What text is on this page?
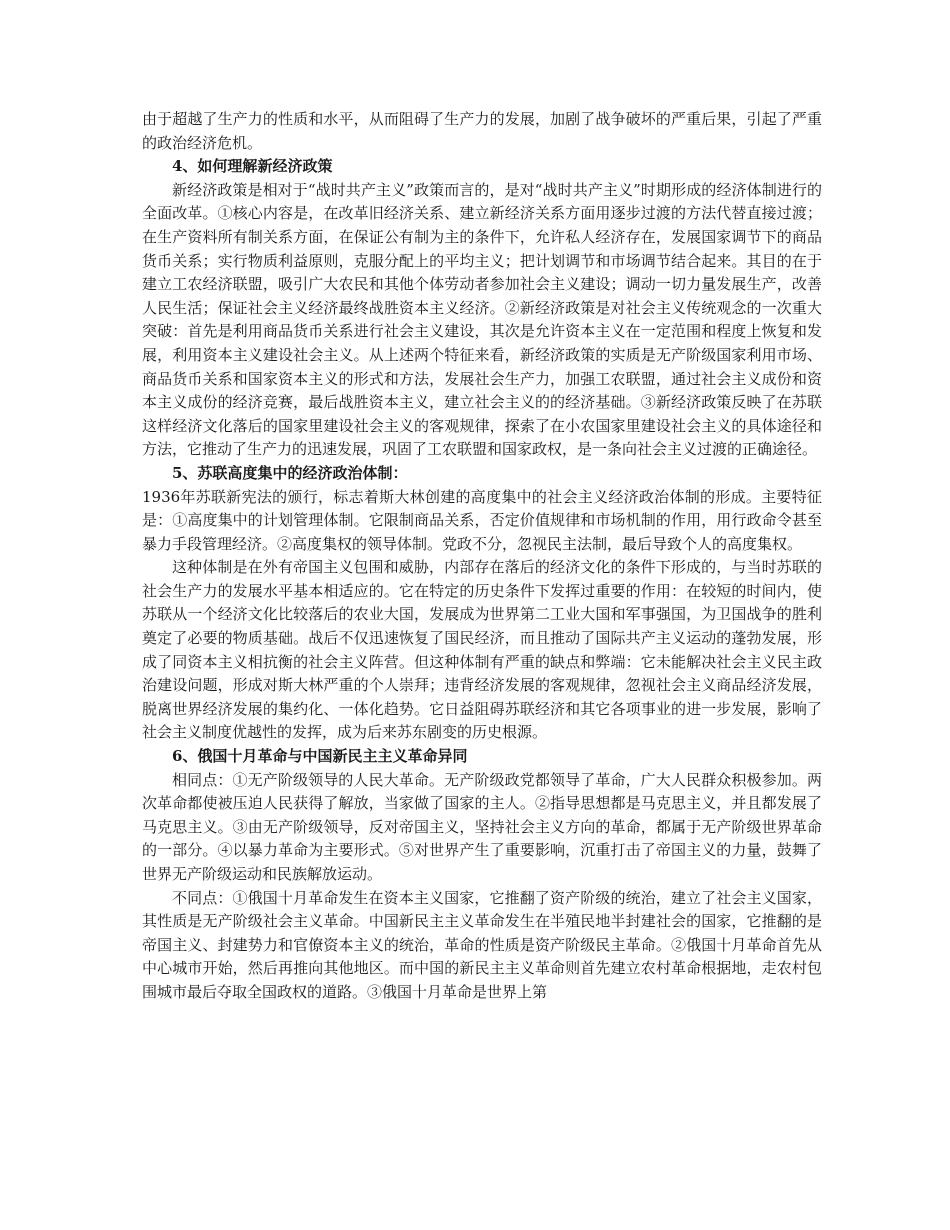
由于超越了生产力的性质和水平，从而阻碍了生产力的发展，加剧了战争破坏的严重后果，引起了严重的政治经济危机。

4、如何理解新经济政策

新经济政策是相对于“战时共产主义”政策而言的，是对“战时共产主义”时期形成的经济体制进行的全面改革。①核心内容是，在改革旧经济关系、建立新经济关系方面用逐步过渡的方法代替直接过渡；在生产资料所有制关系方面，在保证公有制为主的条件下，允许私人经济存在，发展国家调节下的商品货币关系；实行物质利益原则，克服分配上的平均主义；把计划调节和市场调节结合起来。其目的在于建立工农经济联盟，吸引广大农民和其他个体劳动者参加社会主义建设；调动一切力量发展生产，改善人民生活；保证社会主义经济最终战胜资本主义经济。②新经济政策是对社会主义传统观念的一次重大突破：首先是利用商品货币关系进行社会主义建设，其次是允许资本主义在一定范围和程度上恢复和发展，利用资本主义建设社会主义。从上述两个特征来看，新经济政策的实质是无产阶级国家利用市场、商品货币关系和国家资本主义的形式和方法，发展社会生产力，加强工农联盟，通过社会主义成份和资本主义成份的经济竞赛，最后战胜资本主义，建立社会主义的的经济基础。③新经济政策反映了在苏联这样经济文化落后的国家里建设社会主义的客观规律，探索了在小农国家里建设社会主义的具体途径和方法，它推动了生产力的迅速发展，巩固了工农联盟和国家政权，是一条向社会主义过渡的正确途径。

5、苏联高度集中的经济政治体制：

1936年苏联新宪法的颁行，标志着斯大林创建的高度集中的社会主义经济政治体制的形成。主要特征是：①高度集中的计划管理体制。它限制商品关系，否定价值规律和市场机制的作用，用行政命令甚至暴力手段管理经济。②高度集权的领导体制。党政不分，忽视民主法制，最后导致个人的高度集权。

这种体制是在外有帝国主义包围和威胁，内部存在落后的经济文化的条件下形成的，与当时苏联的社会生产力的发展水平基本相适应的。它在特定的历史条件下发挥过重要的作用：在较短的时间内，使苏联从一个经济文化比较落后的农业大国，发展成为世界第二工业大国和军事强国，为卫国战争的胜利奠定了必要的物质基础。战后不仅迅速恢复了国民经济，而且推动了国际共产主义运动的蓬勃发展，形成了同资本主义相抗衡的社会主义阵营。但这种体制有严重的缺点和弊端：它未能解决社会主义民主政治建设问题，形成对斯大林严重的个人崇拜；违背经济发展的客观规律，忽视社会主义商品经济发展，脱离世界经济发展的集约化、一体化趋势。它日益阻碍苏联经济和其它各项事业的进一步发展，影响了社会主义制度优越性的发挥，成为后来苏东剧变的历史根源。

6、俄国十月革命与中国新民主主义革命异同

相同点：①无产阶级领导的人民大革命。无产阶级政党都领导了革命，广大人民群众积极参加。两次革命都使被压迫人民获得了解放，当家做了国家的主人。②指导思想都是马克思主义，并且都发展了马克思主义。③由无产阶级领导，反对帝国主义，坚持社会主义方向的革命，都属于无产阶级世界革命的一部分。④以暴力革命为主要形式。⑤对世界产生了重要影响，沉重打击了帝国主义的力量，鼓舞了世界无产阶级运动和民族解放运动。

不同点：①俄国十月革命发生在资本主义国家，它推翻了资产阶级的统治，建立了社会主义国家，其性质是无产阶级社会主义革命。中国新民主主义革命发生在半殖民地半封建社会的国家，它推翻的是帝国主义、封建势力和官僚资本主义的统治，革命的性质是资产阶级民主革命。②俄国十月革命首先从中心城市开始，然后再推向其他地区。而中国的新民主主义革命则首先建立农村革命根据地，走农村包围城市最后夺取全国政权的道路。③俄国十月革命是世界上第
